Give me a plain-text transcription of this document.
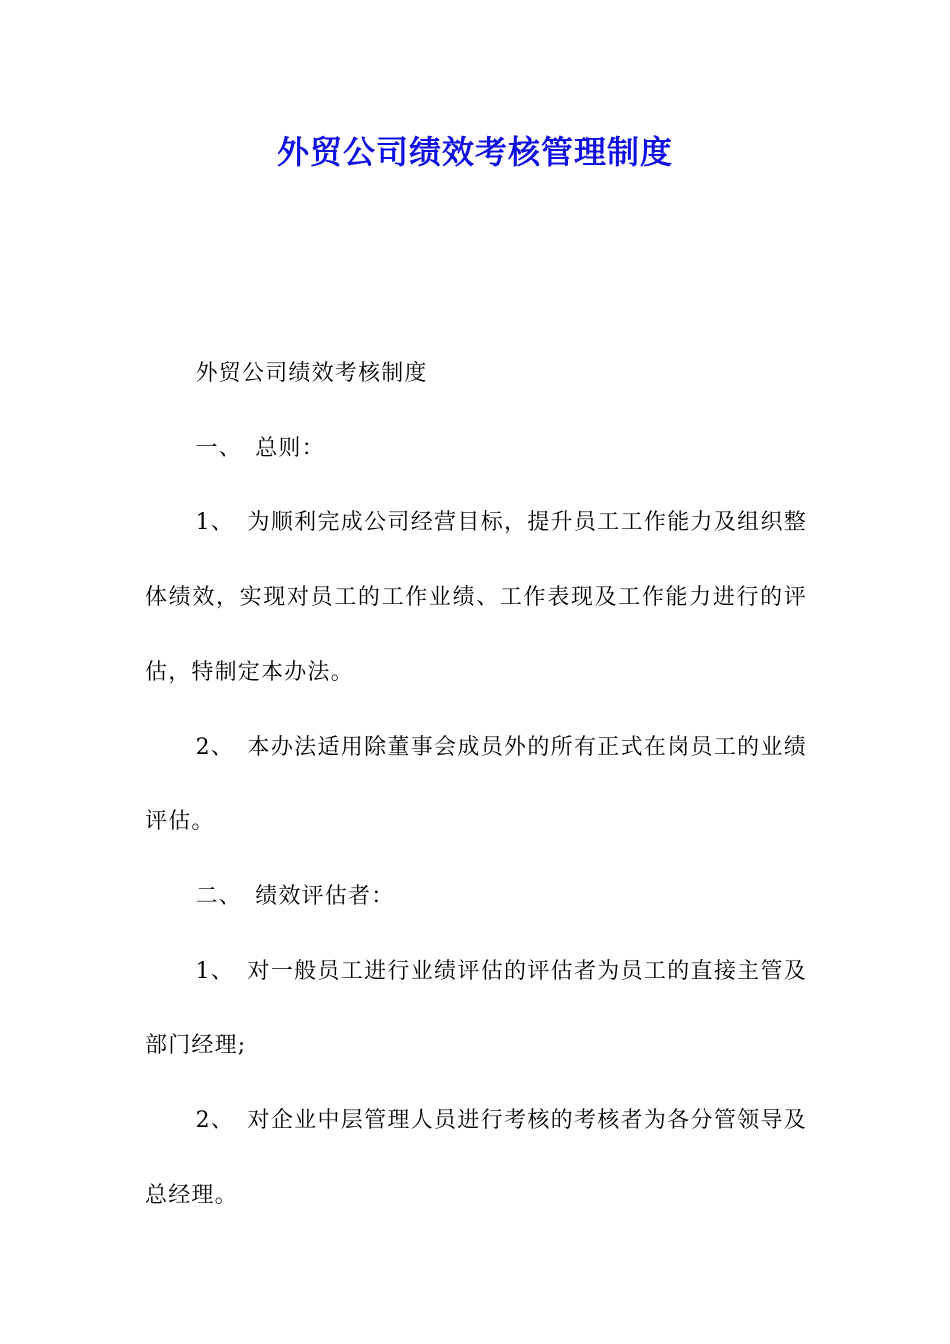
外贸公司绩效考核管理制度

外贸公司绩效考核制度

一、 总则：

1、 为顺利完成公司经营目标，提升员工工作能力及组织整体绩效，实现对员工的工作业绩、工作表现及工作能力进行的评估，特制定本办法。

2、 本办法适用除董事会成员外的所有正式在岗员工的业绩评估。

二、 绩效评估者：

1、 对一般员工进行业绩评估的评估者为员工的直接主管及部门经理;

2、 对企业中层管理人员进行考核的考核者为各分管领导及总经理。
